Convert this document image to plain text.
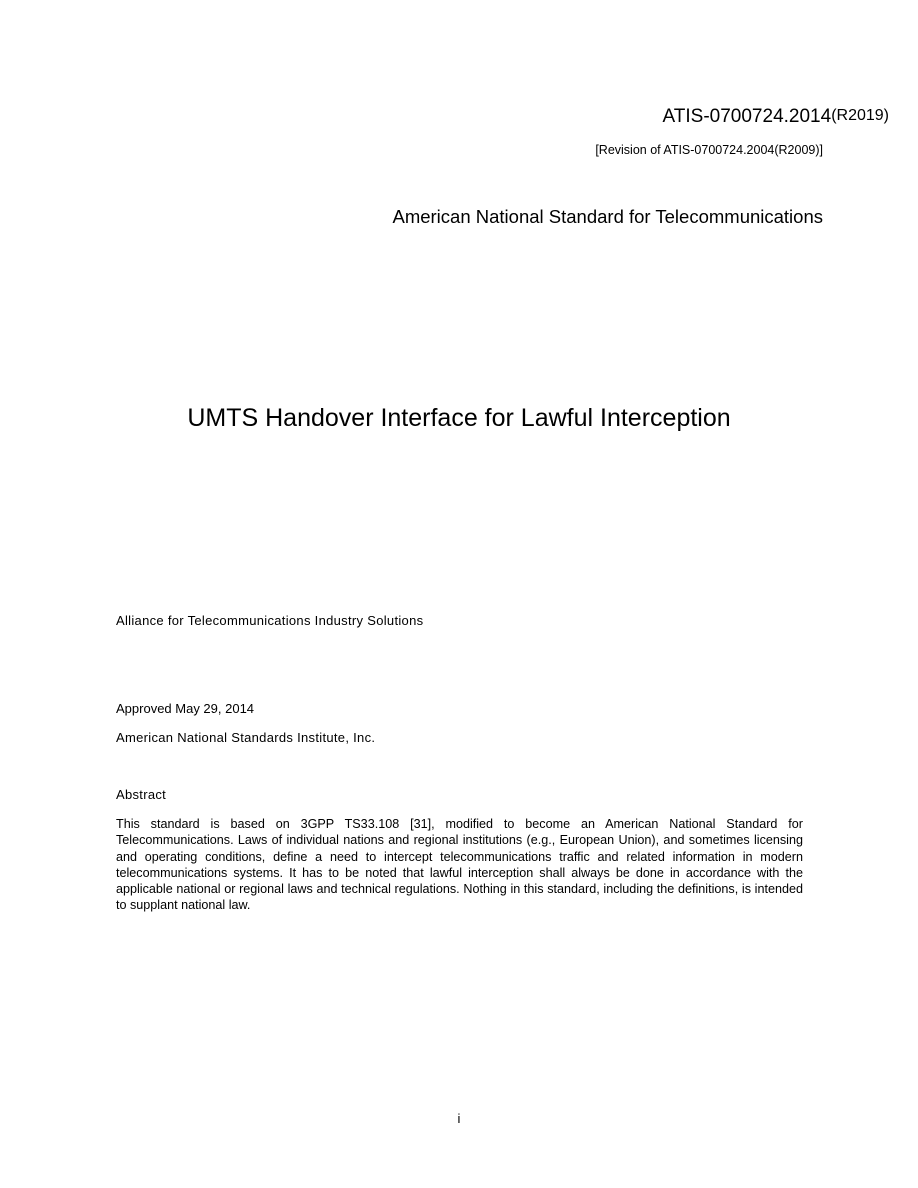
ATIS-0700724.2014(R2019)
[Revision of ATIS-0700724.2004(R2009)]
American National Standard for Telecommunications
UMTS Handover Interface for Lawful Interception
Alliance for Telecommunications Industry Solutions
Approved May 29, 2014
American National Standards Institute, Inc.
Abstract
This standard is based on 3GPP TS33.108 [31], modified to become an American National Standard for Telecommunications. Laws of individual nations and regional institutions (e.g., European Union), and sometimes licensing and operating conditions, define a need to intercept telecommunications traffic and related information in modern telecommunications systems. It has to be noted that lawful interception shall always be done in accordance with the applicable national or regional laws and technical regulations. Nothing in this standard, including the definitions, is intended to supplant national law.
i
